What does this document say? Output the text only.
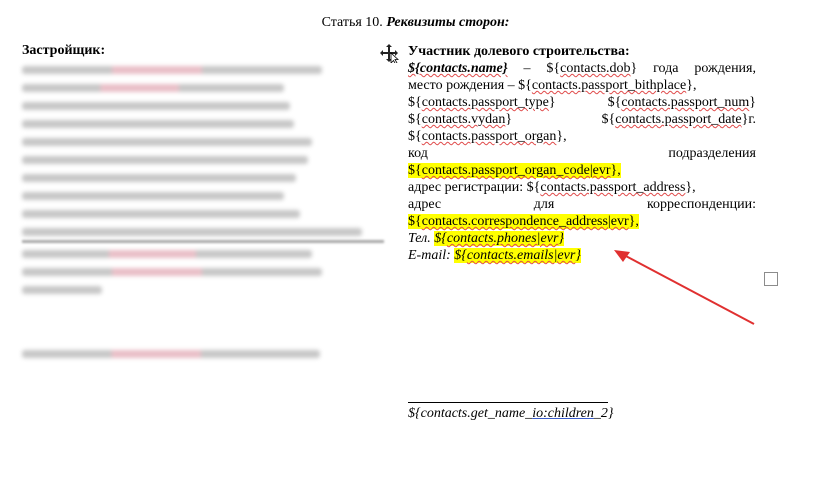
Статья 10. Реквизиты сторон:
Застройщик:	Участник долевого строительства:
${contacts.name} – ${contacts.dob} года рождения,
место рождения – ${contacts.passport_bithplace},
${contacts.passport_type} ${contacts.passport_num}
${contacts.vydan} ${contacts.passport_date}г.
${contacts.passport_organ},
код	подразделения
${contacts.passport_organ_code|evr},
адрес регистрации: ${contacts.passport_address},
адрес	для	корреспонденции:
${contacts.correspondence_address|evr},
Тел. ${contacts.phones|evr}
E-mail: ${contacts.emails|evr}
${contacts.get_name_io:children_2}
